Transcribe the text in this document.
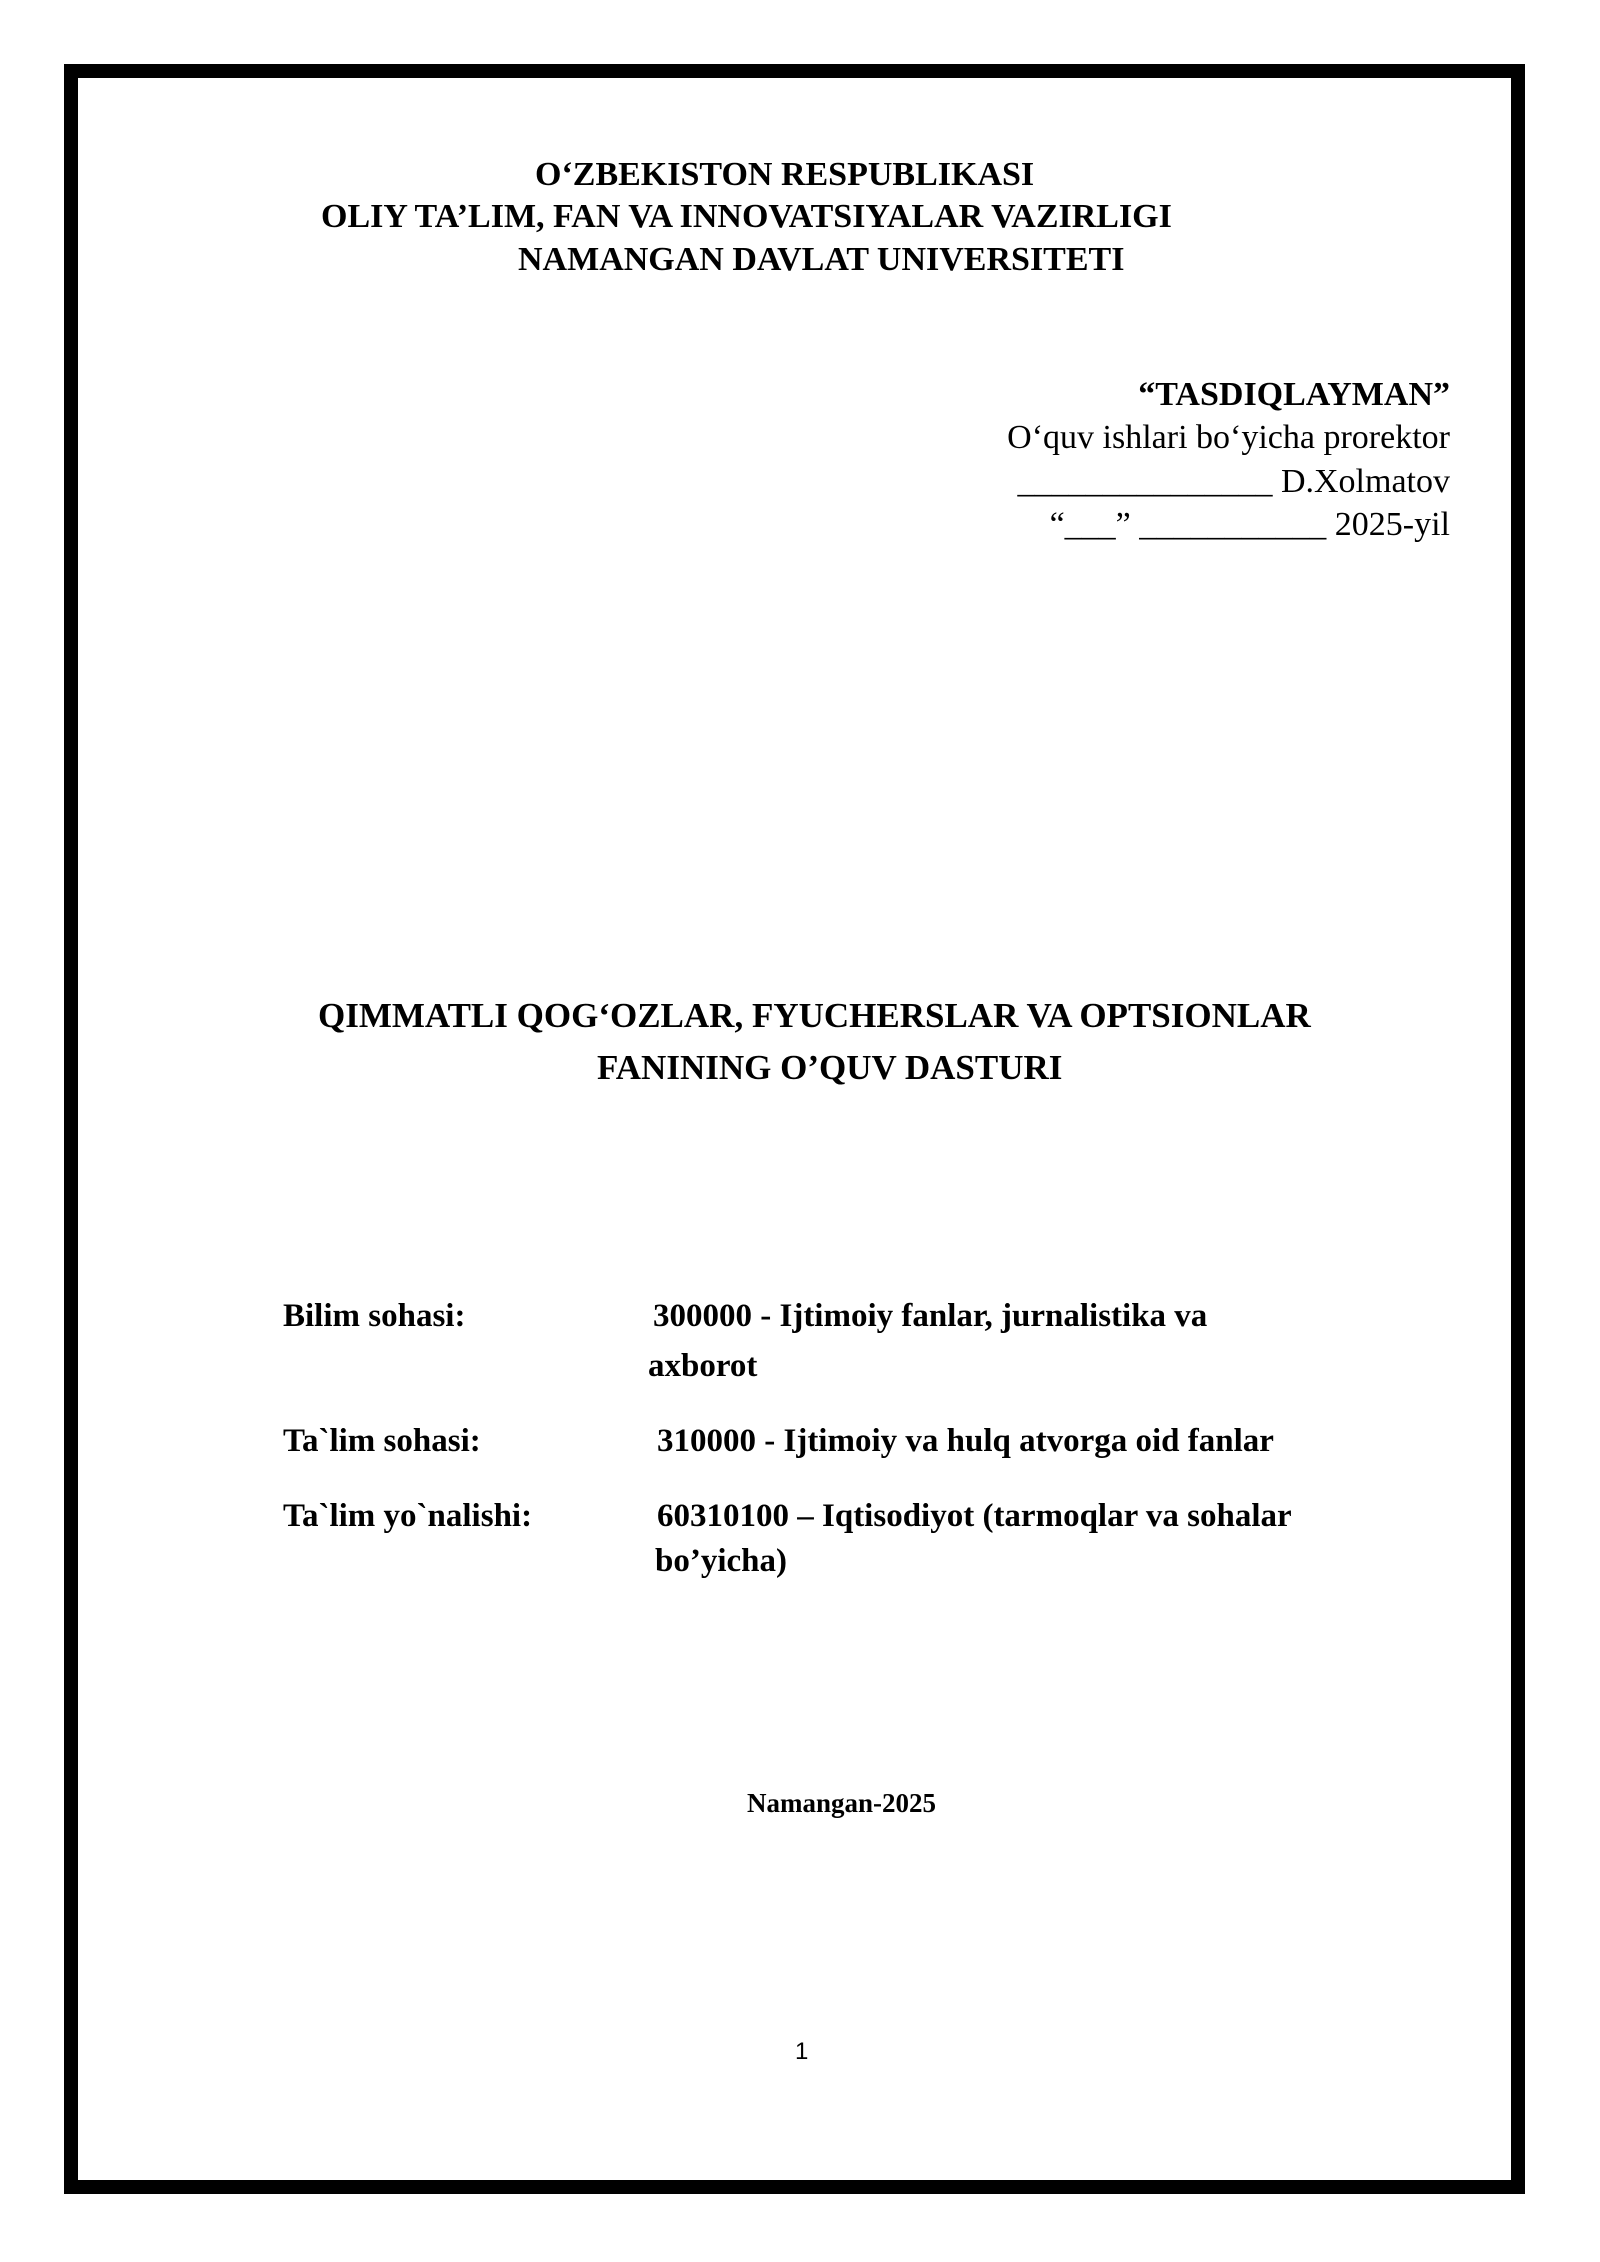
O‘ZBEKISTON RESPUBLIKASI
OLIY TA’LIM, FAN VA INNOVATSIYALAR VAZIRLIGI
NAMANGAN DAVLAT UNIVERSITETI
“TASDIQLAYMAN”
O‘quv ishlari bo‘yicha prorektor
_______________ D.Xolmatov
“___” ___________ 2025-yil
QIMMATLI QOG‘OZLAR, FYUCHERSLAR VA OPTSIONLAR
FANINING O’QUV DASTURI
Bilim sohasi:	300000 - Ijtimoiy fanlar, jurnalistika va
axborot
Ta`lim sohasi:	310000 - Ijtimoiy va hulq atvorga oid fanlar
Ta`lim yo`nalishi:	60310100 – Iqtisodiyot (tarmoqlar va sohalar
bo’yicha)
Namangan-2025
1
